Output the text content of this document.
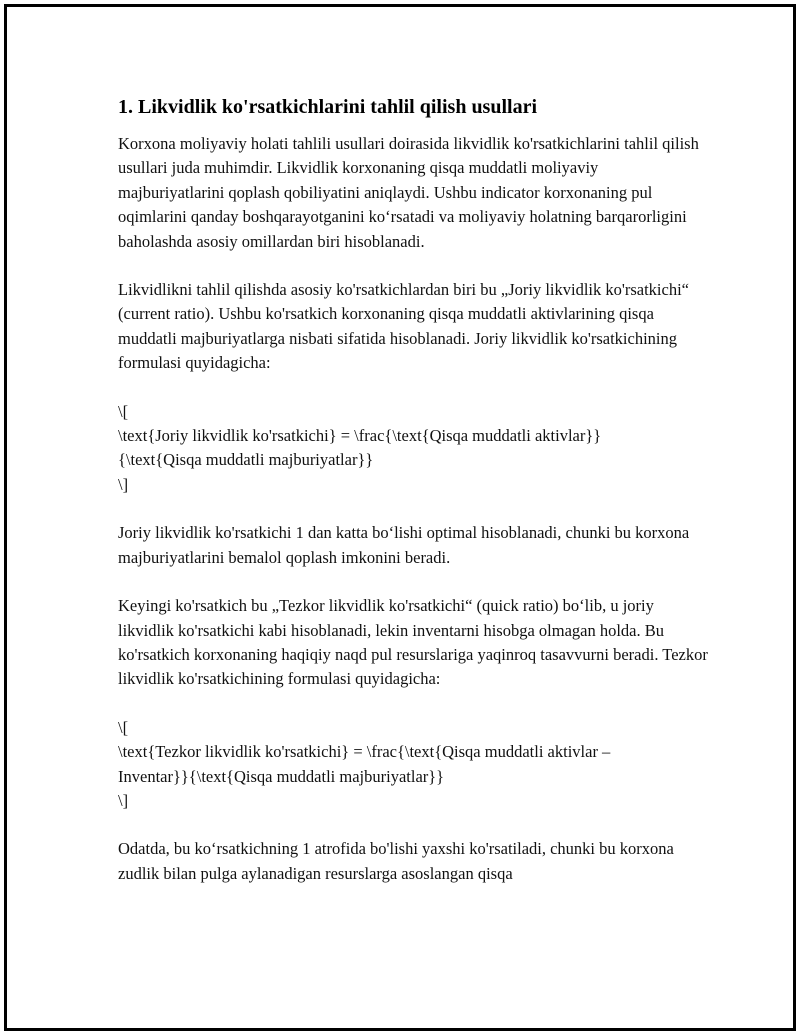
1. Likvidlik ko'rsatkichlarini tahlil qilish usullari

Korxona moliyaviy holati tahlili usullari doirasida likvidlik ko'rsatkichlarini tahlil qilish usullari juda muhimdir. Likvidlik korxonaning qisqa muddatli moliyaviy majburiyatlarini qoplash qobiliyatini aniqlaydi. Ushbu indicator korxonaning pul oqimlarini qanday boshqarayotganini ko‘rsatadi va moliyaviy holatning barqarorligini baholashda asosiy omillardan biri hisoblanadi.

Likvidlikni tahlil qilishda asosiy ko'rsatkichlardan biri bu „Joriy likvidlik ko'rsatkichi“ (current ratio). Ushbu ko'rsatkich korxonaning qisqa muddatli aktivlarining qisqa muddatli majburiyatlarga nisbati sifatida hisoblanadi. Joriy likvidlik ko'rsatkichining formulasi quyidagicha:

\[
\text{Joriy likvidlik ko'rsatkichi} = \frac{\text{Qisqa muddatli aktivlar}}
{\text{Qisqa muddatli majburiyatlar}}
\]

Joriy likvidlik ko'rsatkichi 1 dan katta bo‘lishi optimal hisoblanadi, chunki bu korxona majburiyatlarini bemalol qoplash imkonini beradi.

Keyingi ko'rsatkich bu „Tezkor likvidlik ko'rsatkichi“ (quick ratio) bo‘lib, u joriy likvidlik ko'rsatkichi kabi hisoblanadi, lekin inventarni hisobga olmagan holda. Bu ko'rsatkich korxonaning haqiqiy naqd pul resurslariga yaqinroq tasavvurni beradi. Tezkor likvidlik ko'rsatkichining formulasi quyidagicha:

\[
\text{Tezkor likvidlik ko'rsatkichi} = \frac{\text{Qisqa muddatli aktivlar –
Inventar}}{\text{Qisqa muddatli majburiyatlar}}
\]

Odatda, bu ko‘rsatkichning 1 atrofida bo'lishi yaxshi ko'rsatiladi, chunki bu korxona zudlik bilan pulga aylanadigan resurslarga asoslangan qisqa
